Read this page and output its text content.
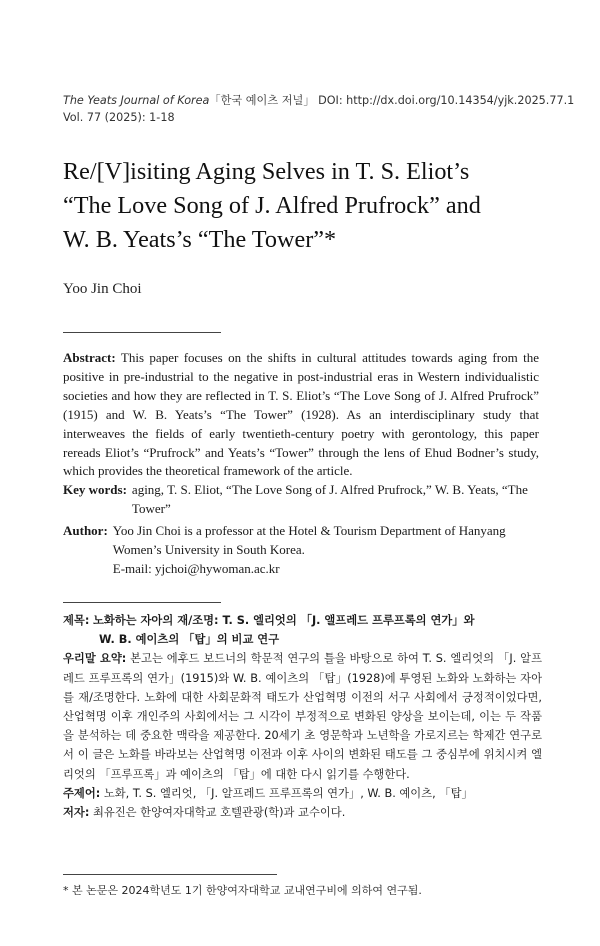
The Yeats Journal of Korea「한국 예이츠 저널」 DOI: http://dx.doi.org/10.14354/yjk.2025.77.1
Vol. 77 (2025): 1-18
Re/[V]isiting Aging Selves in T. S. Eliot’s
“The Love Song of J. Alfred Prufrock” and
W. B. Yeats’s “The Tower”*
Yoo Jin Choi
Abstract: This paper focuses on the shifts in cultural attitudes towards aging from the positive in pre-industrial to the negative in post-industrial eras in Western individualistic societies and how they are reflected in T. S. Eliot’s “The Love Song of J. Alfred Prufrock” (1915) and W. B. Yeats’s “The Tower” (1928). As an interdisciplinary study that interweaves the fields of early twentieth-century poetry with gerontology, this paper rereads Eliot’s “Prufrock” and Yeats’s “Tower” through the lens of Ehud Bodner’s study, which provides the theoretical framework of the article.
Key words: aging, T. S. Eliot, “The Love Song of J. Alfred Prufrock,” W. B. Yeats, “The Tower”
Author: Yoo Jin Choi is a professor at the Hotel & Tourism Department of Hanyang Women’s University in South Korea.
E-mail: yjchoi@hywoman.ac.kr
제목: 노화하는 자아의 재/조명: T. S. 엘리엇의 「J. 앨프레드 프루프록의 연가」와
W. B. 예이츠의 「탑」의 비교 연구
우리말 요약: 본고는 에후드 보드너의 학문적 연구의 틀을 바탕으로 하여 T. S. 엘리엇의 「J. 알프레드 프루프록의 연가」(1915)와 W. B. 예이츠의 「탑」(1928)에 투영된 노화와 노화하는 자아를 재/조명한다. 노화에 대한 사회문화적 태도가 산업혁명 이전의 서구 사회에서 긍정적이었다면, 산업혁명 이후 개인주의 사회에서는 그 시각이 부정적으로 변화된 양상을 보이는데, 이는 두 작품을 분석하는 데 중요한 맥락을 제공한다. 20세기 초 영문학과 노년학을 가로지르는 학제간 연구로서 이 글은 노화를 바라보는 산업혁명 이전과 이후 사이의 변화된 태도를 그 중심부에 위치시켜 엘리엇의 「프루프록」과 예이츠의 「탑」에 대한 다시 읽기를 수행한다.
주제어: 노화, T. S. 엘리엇, 「J. 알프레드 프루프록의 연가」, W. B. 예이츠, 「탑」
저자: 최유진은 한양여자대학교 호텔관광(학)과 교수이다.
* 본 논문은 2024학년도 1기 한양여자대학교 교내연구비에 의하여 연구됨.
